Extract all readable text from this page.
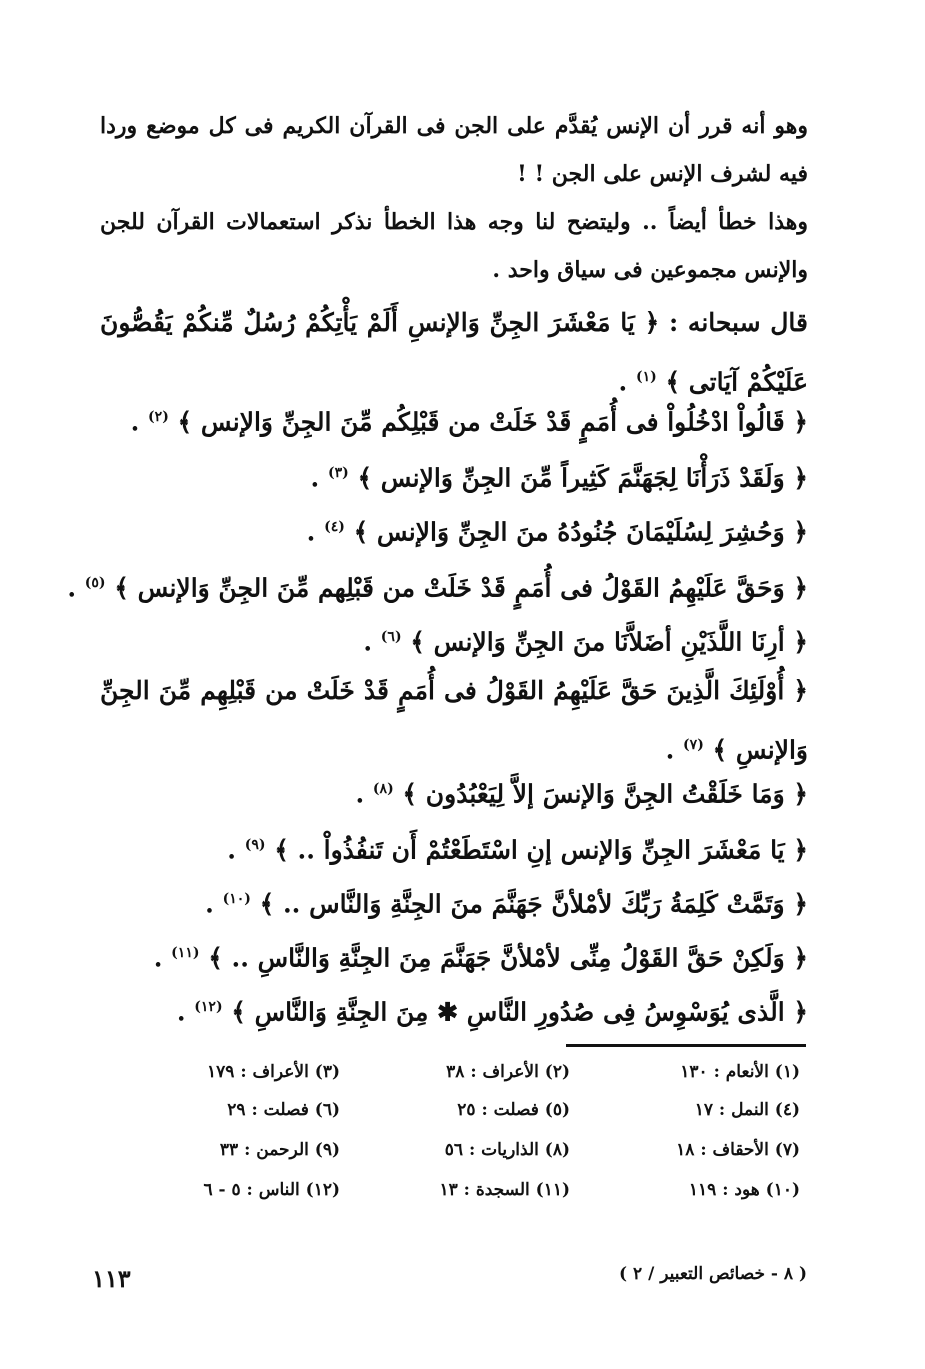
وهو أنه قرر أن الإنس يُقدَّم على الجن فى القرآن الكريم فى كل موضع وردا فيه لشرف الإنس على الجن ! !
وهذا خطأ أيضاً .. وليتضح لنا وجه هذا الخطأ نذكر استعمالات القرآن للجن والإنس مجموعين فى سياق واحد .
قال سبحانه : ﴿ يَا مَعْشَرَ الجِنِّ وَالإنسِ أَلَمْ يَأْتِكُمْ رُسُلٌ مِّنكُمْ يَقُصُّونَ عَلَيْكُمْ آيَاتى ﴾ $^{(١)}$ .
﴿ قَالُواْ ادْخُلُواْ فى أُمَمٍ قَدْ خَلَتْ من قَبْلِكُم مِّنَ الجِنِّ وَالإنس ﴾ $^{(٢)}$ .
﴿ وَلَقَدْ ذَرَأْنَا لِجَهَنَّمَ كَثِيراً مِّنَ الجِنِّ وَالإنس ﴾ $^{(٣)}$ .
﴿ وَحُشِرَ لِسُلَيْمَانَ جُنُودُهُ منَ الجِنِّ وَالإنس ﴾ $^{(٤)}$ .
﴿ وَحَقَّ عَلَيْهِمُ القَوْلُ فى أُمَمٍ قَدْ خَلَتْ من قَبْلِهم مِّنَ الجِنِّ وَالإنس ﴾ $^{(٥)}$ .
﴿ أرِنَا اللَّذَيْنِ أضَلاَّنَا منَ الجِنِّ وَالإنس ﴾ $^{(٦)}$ .
﴿ أُوْلَئِكَ الَّذِينَ حَقَّ عَلَيْهِمُ القَوْلُ فى أُمَمٍ قَدْ خَلَتْ من قَبْلِهِم مِّنَ الجِنِّ وَالإنسِ ﴾ $^{(٧)}$ .
﴿ وَمَا خَلَقْتُ الجِنَّ وَالإنسَ إلاَّ لِيَعْبُدُون ﴾ $^{(٨)}$ .
﴿ يَا مَعْشَرَ الجِنِّ وَالإنس إنِ اسْتَطَعْتُمْ أَن تَنفُذُواْ .. ﴾ $^{(٩)}$ .
﴿ وَتَمَّتْ كَلِمَةُ رَبِّكَ لأمْلأنَّ جَهَنَّمَ منَ الجِنَّةِ وَالنَّاس .. ﴾ $^{(١٠)}$ .
﴿ وَلَكِنْ حَقَّ القَوْلُ مِنِّى لأمْلأنَّ جَهَنَّمَ مِنَ الجِنَّةِ وَالنَّاسِ .. ﴾ $^{(١١)}$ .
﴿ الَّذى يُوَسْوِسُ فِى صُدُورِ النَّاسِ ✱ مِنَ الجِنَّةِ وَالنَّاسِ ﴾ $^{(١٢)}$ .
(١) الأنعام : ١٣٠
(٢) الأعراف : ٣٨
(٣) الأعراف : ١٧٩
(٤) النمل : ١٧
(٥) فصلت : ٢٥
(٦) فصلت : ٢٩
(٧) الأحقاف : ١٨
(٨) الذاريات : ٥٦
(٩) الرحمن : ٣٣
(١٠) هود : ١١٩
(١١) السجدة : ١٣
(١٢) الناس : ٥ - ٦
١١٣	( ٨ - خصائص التعبير / ٢ )
